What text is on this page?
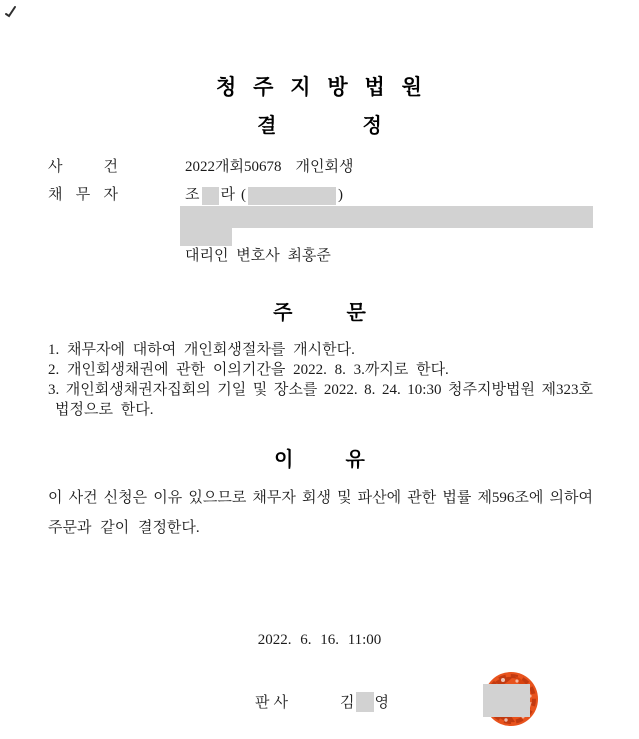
청 주 지 방 법 원
결	정
사	건	2022개회50678 개인회생
채 무 자	조 라 (	)
대리인 변호사 최홍준
주	문
1. 채무자에 대하여 개인회생절차를 개시한다.
2. 개인회생채권에 관한 이의기간을 2022. 8. 3.까지로 한다.
3. 개인회생채권자집회의 기일 및 장소를 2022. 8. 24. 10:30 청주지방법원 제323호
법정으로 한다.
이	유
이 사건 신청은 이유 있으므로 채무자 회생 및 파산에 관한 법률 제596조에 의하여
주문과 같이 결정한다.
2022. 6. 16. 11:00
판사	김 영
